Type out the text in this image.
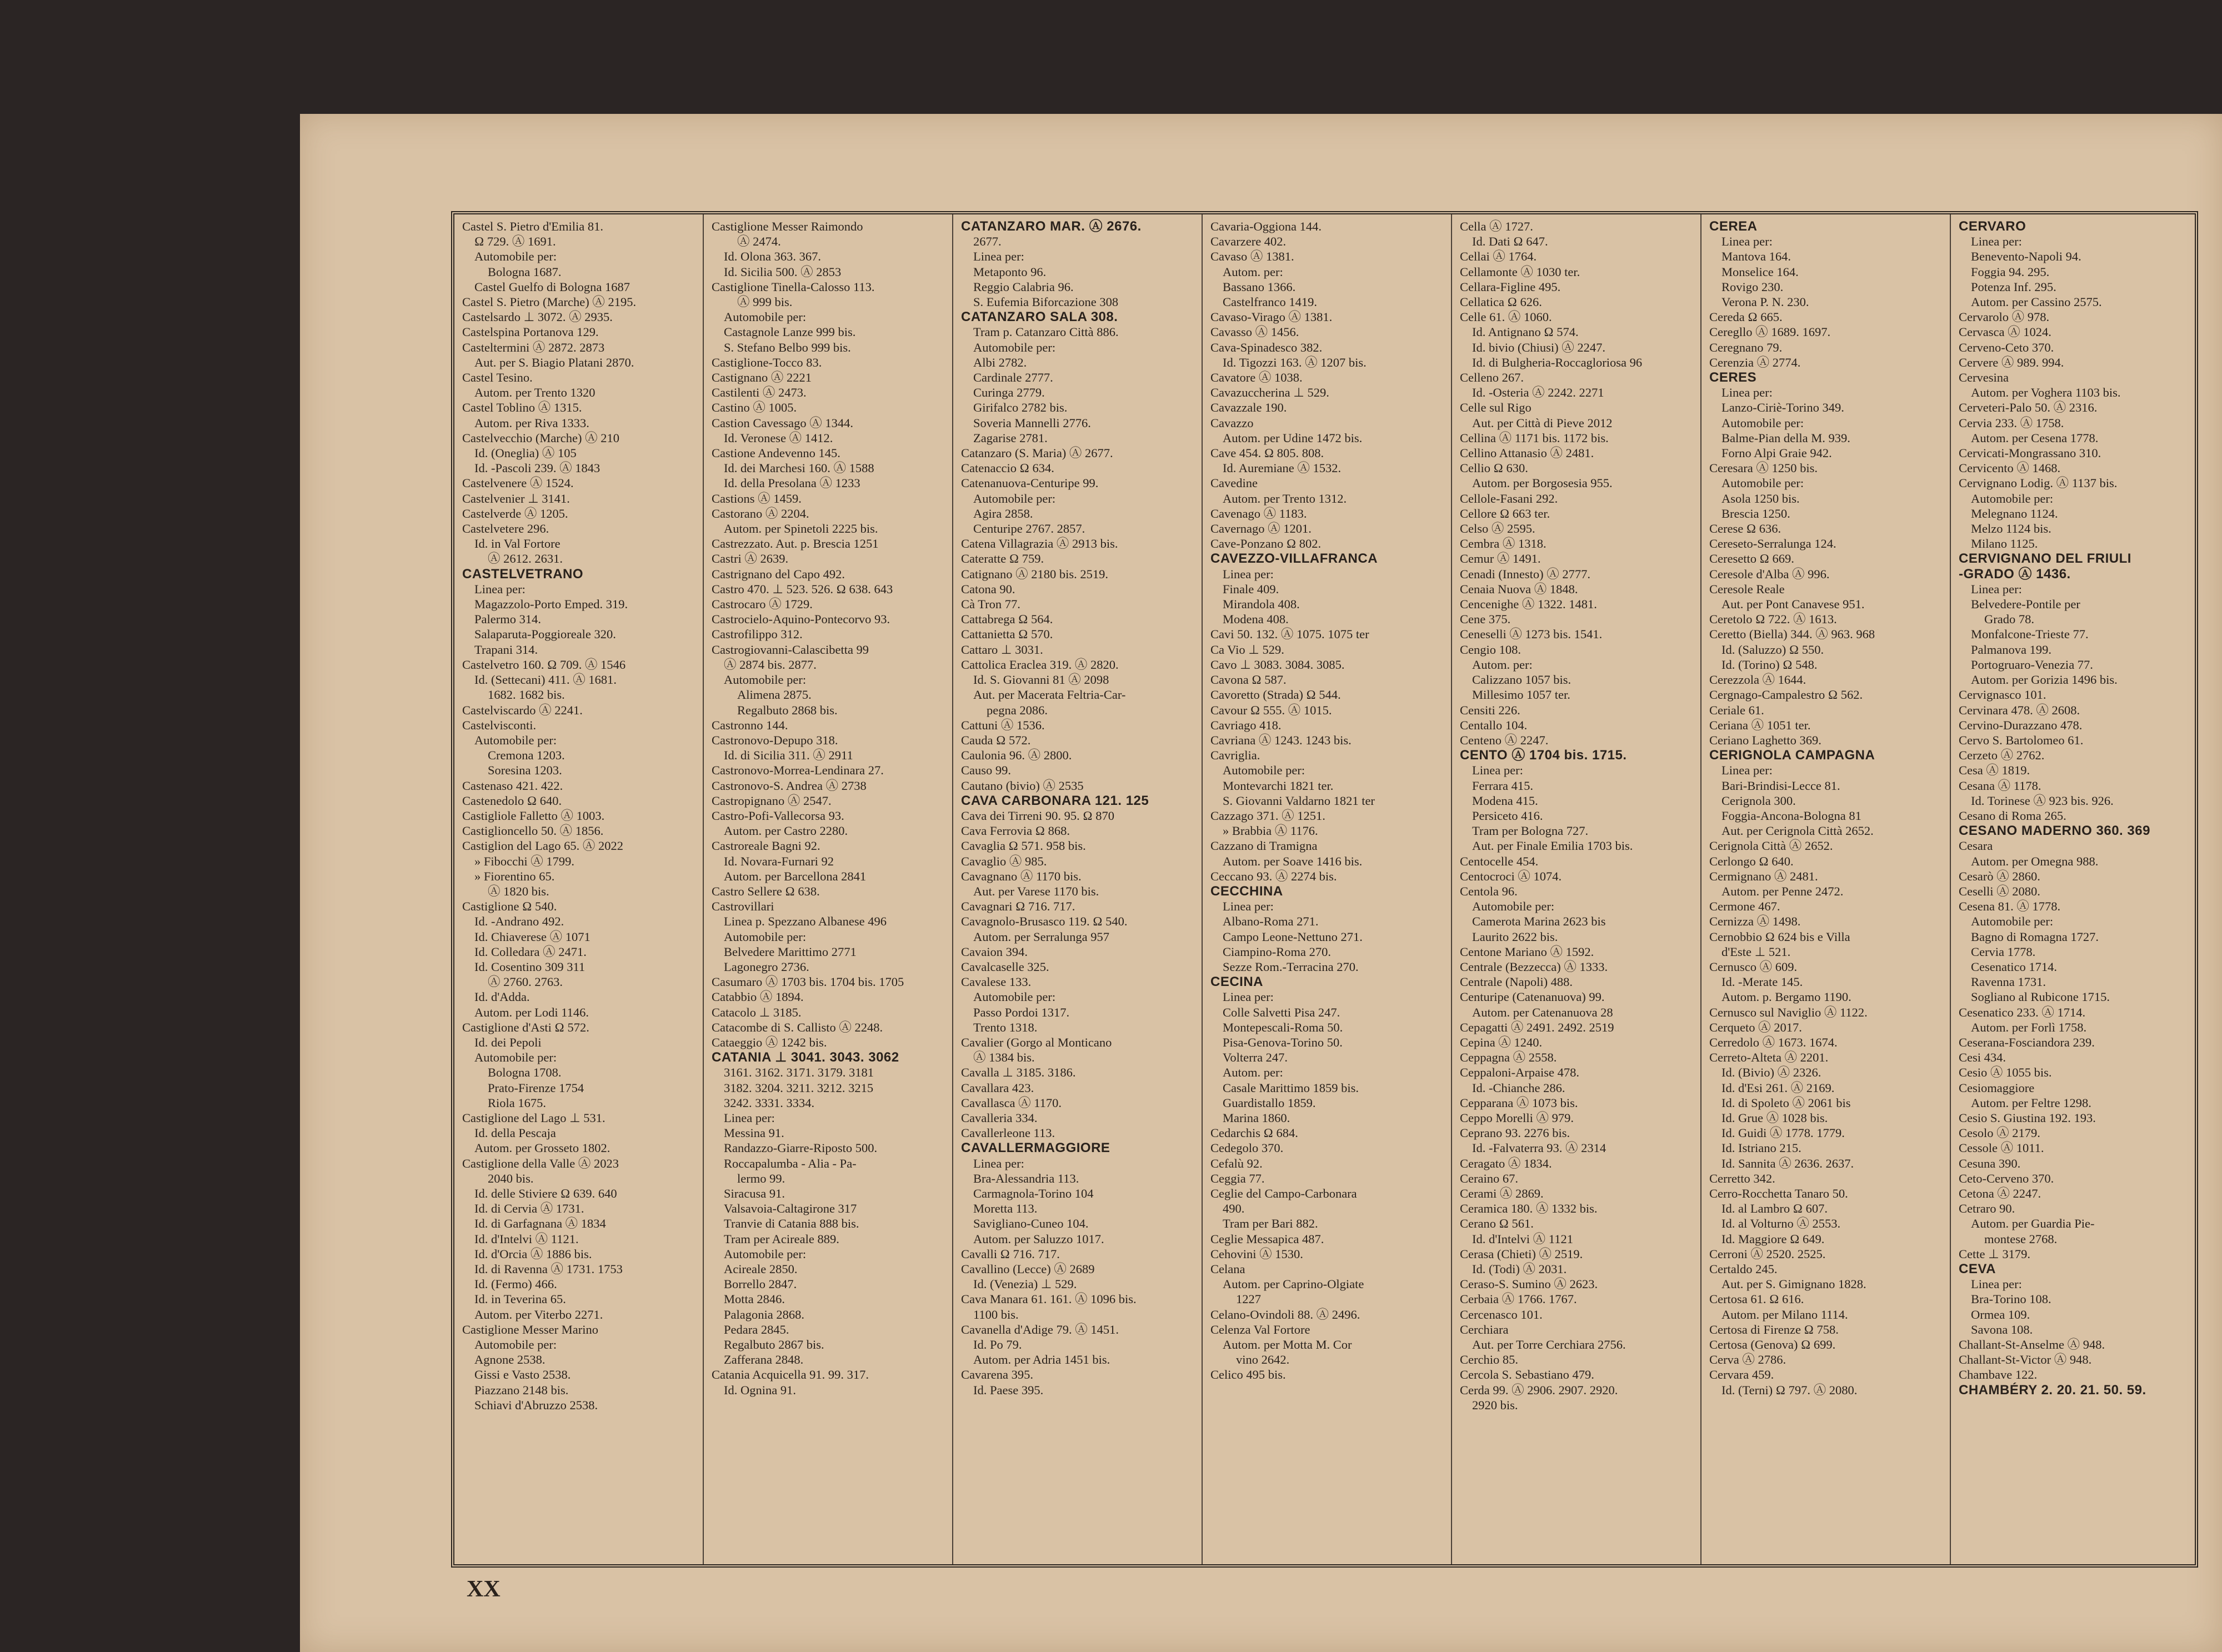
Castel S. Pietro d'Emilia 81.
Ω 729. Ⓐ 1691.
Automobile per:
Bologna 1687.
Castel Guelfo di Bologna 1687
Castel S. Pietro (Marche) Ⓐ 2195.
Castelsardo ⊥ 3072. Ⓐ 2935.
Castelspina Portanova 129.
Casteltermini Ⓐ 2872. 2873
Aut. per S. Biagio Platani 2870.
Castel Tesino.
Autom. per Trento 1320
Castel Toblino Ⓐ 1315.
Autom. per Riva 1333.
Castelvecchio (Marche) Ⓐ 210
Id. (Oneglia) Ⓐ 105
Id. -Pascoli 239. Ⓐ 1843
Castelvenere Ⓐ 1524.
Castelvenier ⊥ 3141.
Castelverde Ⓐ 1205.
Castelvetere 296.
Id. in Val Fortore
Ⓐ 2612. 2631.
CASTELVETRANO
Linea per:
Magazzolo-Porto Emped. 319.
Palermo 314.
Salaparuta-Poggioreale 320.
Trapani 314.
Castelvetro 160. Ω 709. Ⓐ 1546
Id. (Settecani) 411. Ⓐ 1681.
1682. 1682 bis.
Castelviscardo Ⓐ 2241.
Castelvisconti.
Automobile per:
Cremona 1203.
Soresina 1203.
Castenaso 421. 422.
Castenedolo Ω 640.
Castigliole Falletto Ⓐ 1003.
Castiglioncello 50. Ⓐ 1856.
Castiglion del Lago 65. Ⓐ 2022
» Fibocchi Ⓐ 1799.
» Fiorentino 65.
Ⓐ 1820 bis.
Castiglione Ω 540.
Id. -Andrano 492.
Id. Chiaverese Ⓐ 1071
Id. Colledara Ⓐ 2471.
Id. Cosentino 309 311
Ⓐ 2760. 2763.
Id. d'Adda.
Autom. per Lodi 1146.
Castiglione d'Asti Ω 572.
Id. dei Pepoli
Automobile per:
Bologna 1708.
Prato-Firenze 1754
Riola 1675.
Castiglione del Lago ⊥ 531.
Id. della Pescaja
Autom. per Grosseto 1802.
Castiglione della Valle Ⓐ 2023
2040 bis.
Id. delle Stiviere Ω 639. 640
Id. di Cervia Ⓐ 1731.
Id. di Garfagnana Ⓐ 1834
Id. d'Intelvi Ⓐ 1121.
Id. d'Orcia Ⓐ 1886 bis.
Id. di Ravenna Ⓐ 1731. 1753
Id. (Fermo) 466.
Id. in Teverina 65.
Autom. per Viterbo 2271.
Castiglione Messer Marino
Automobile per:
Agnone 2538.
Gissi e Vasto 2538.
Piazzano 2148 bis.
Schiavi d'Abruzzo 2538.
Castiglione Messer Raimondo
Ⓐ 2474.
Id. Olona 363. 367.
Id. Sicilia 500. Ⓐ 2853
Castiglione Tinella-Calosso 113.
Ⓐ 999 bis.
Automobile per:
Castagnole Lanze 999 bis.
S. Stefano Belbo 999 bis.
Castiglione-Tocco 83.
Castignano Ⓐ 2221
Castilenti Ⓐ 2473.
Castino Ⓐ 1005.
Castion Cavessago Ⓐ 1344.
Id. Veronese Ⓐ 1412.
Castione Andevenno 145.
Id. dei Marchesi 160. Ⓐ 1588
Id. della Presolana Ⓐ 1233
Castions Ⓐ 1459.
Castorano Ⓐ 2204.
Autom. per Spinetoli 2225 bis.
Castrezzato. Aut. p. Brescia 1251
Castri Ⓐ 2639.
Castrignano del Capo 492.
Castro 470. ⊥ 523. 526. Ω 638. 643
Castrocaro Ⓐ 1729.
Castrocielo-Aquino-Pontecorvo 93.
Castrofilippo 312.
Castrogiovanni-Calascibetta 99
Ⓐ 2874 bis. 2877.
Automobile per:
Alimena 2875.
Regalbuto 2868 bis.
Castronno 144.
Castronovo-Depupo 318.
Id. di Sicilia 311. Ⓐ 2911
Castronovo-Morrea-Lendinara 27.
Castronovo-S. Andrea Ⓐ 2738
Castropignano Ⓐ 2547.
Castro-Pofi-Vallecorsa 93.
Autom. per Castro 2280.
Castroreale Bagni 92.
Id. Novara-Furnari 92
Autom. per Barcellona 2841
Castro Sellere Ω 638.
Castrovillari
Linea p. Spezzano Albanese 496
Automobile per:
Belvedere Marittimo 2771
Lagonegro 2736.
Casumaro Ⓐ 1703 bis. 1704 bis. 1705
Catabbio Ⓐ 1894.
Catacolo ⊥ 3185.
Catacombe di S. Callisto Ⓐ 2248.
Cataeggio Ⓐ 1242 bis.
CATANIA ⊥ 3041. 3043. 3062
3161. 3162. 3171. 3179. 3181
3182. 3204. 3211. 3212. 3215
3242. 3331. 3334.
Linea per:
Messina 91.
Randazzo-Giarre-Riposto 500.
Roccapalumba - Alia - Pa-
lermo 99.
Siracusa 91.
Valsavoia-Caltagirone 317
Tranvie di Catania 888 bis.
Tram per Acireale 889.
Automobile per:
Acireale 2850.
Borrello 2847.
Motta 2846.
Palagonia 2868.
Pedara 2845.
Regalbuto 2867 bis.
Zafferana 2848.
Catania Acquicella 91. 99. 317.
Id. Ognina 91.
CATANZARO MAR. Ⓐ 2676.
2677.
Linea per:
Metaponto 96.
Reggio Calabria 96.
S. Eufemia Biforcazione 308
CATANZARO SALA 308.
Tram p. Catanzaro Città 886.
Automobile per:
Albi 2782.
Cardinale 2777.
Curinga 2779.
Girifalco 2782 bis.
Soveria Mannelli 2776.
Zagarise 2781.
Catanzaro (S. Maria) Ⓐ 2677.
Catenaccio Ω 634.
Catenanuova-Centuripe 99.
Automobile per:
Agira 2858.
Centuripe 2767. 2857.
Catena Villagrazia Ⓐ 2913 bis.
Cateratte Ω 759.
Catignano Ⓐ 2180 bis. 2519.
Catona 90.
Cà Tron 77.
Cattabrega Ω 564.
Cattanietta Ω 570.
Cattaro ⊥ 3031.
Cattolica Eraclea 319. Ⓐ 2820.
Id. S. Giovanni 81 Ⓐ 2098
Aut. per Macerata Feltria-Car-
pegna 2086.
Cattuni Ⓐ 1536.
Cauda Ω 572.
Caulonia 96. Ⓐ 2800.
Causo 99.
Cautano (bivio) Ⓐ 2535
CAVA CARBONARA 121. 125
Cava dei Tirreni 90. 95. Ω 870
Cava Ferrovia Ω 868.
Cavaglia Ω 571. 958 bis.
Cavaglio Ⓐ 985.
Cavagnano Ⓐ 1170 bis.
Aut. per Varese 1170 bis.
Cavagnari Ω 716. 717.
Cavagnolo-Brusasco 119. Ω 540.
Autom. per Serralunga 957
Cavaion 394.
Cavalcaselle 325.
Cavalese 133.
Automobile per:
Passo Pordoi 1317.
Trento 1318.
Cavalier (Gorgo al Monticano
Ⓐ 1384 bis.
Cavalla ⊥ 3185. 3186.
Cavallara 423.
Cavallasca Ⓐ 1170.
Cavalleria 334.
Cavallerleone 113.
CAVALLERMAGGIORE
Linea per:
Bra-Alessandria 113.
Carmagnola-Torino 104
Moretta 113.
Savigliano-Cuneo 104.
Autom. per Saluzzo 1017.
Cavalli Ω 716. 717.
Cavallino (Lecce) Ⓐ 2689
Id. (Venezia) ⊥ 529.
Cava Manara 61. 161. Ⓐ 1096 bis.
1100 bis.
Cavanella d'Adige 79. Ⓐ 1451.
Id. Po 79.
Autom. per Adria 1451 bis.
Cavarena 395.
Id. Paese 395.
Cavaria-Oggiona 144.
Cavarzere 402.
Cavaso Ⓐ 1381.
Autom. per:
Bassano 1366.
Castelfranco 1419.
Cavaso-Virago Ⓐ 1381.
Cavasso Ⓐ 1456.
Cava-Spinadesco 382.
Id. Tigozzi 163. Ⓐ 1207 bis.
Cavatore Ⓐ 1038.
Cavazuccherina ⊥ 529.
Cavazzale 190.
Cavazzo
Autom. per Udine 1472 bis.
Cave 454. Ω 805. 808.
Id. Auremiane Ⓐ 1532.
Cavedine
Autom. per Trento 1312.
Cavenago Ⓐ 1183.
Cavernago Ⓐ 1201.
Cave-Ponzano Ω 802.
CAVEZZO-VILLAFRANCA
Linea per:
Finale 409.
Mirandola 408.
Modena 408.
Cavi 50. 132. Ⓐ 1075. 1075 ter
Ca Vio ⊥ 529.
Cavo ⊥ 3083. 3084. 3085.
Cavona Ω 587.
Cavoretto (Strada) Ω 544.
Cavour Ω 555. Ⓐ 1015.
Cavriago 418.
Cavriana Ⓐ 1243. 1243 bis.
Cavriglia.
Automobile per:
Montevarchi 1821 ter.
S. Giovanni Valdarno 1821 ter
Cazzago 371. Ⓐ 1251.
» Brabbia Ⓐ 1176.
Cazzano di Tramigna
Autom. per Soave 1416 bis.
Ceccano 93. Ⓐ 2274 bis.
CECCHINA
Linea per:
Albano-Roma 271.
Campo Leone-Nettuno 271.
Ciampino-Roma 270.
Sezze Rom.-Terracina 270.
CECINA
Linea per:
Colle Salvetti Pisa 247.
Montepescali-Roma 50.
Pisa-Genova-Torino 50.
Volterra 247.
Autom. per:
Casale Marittimo 1859 bis.
Guardistallo 1859.
Marina 1860.
Cedarchis Ω 684.
Cedegolo 370.
Cefalù 92.
Ceggia 77.
Ceglie del Campo-Carbonara
490.
Tram per Bari 882.
Ceglie Messapica 487.
Cehovini Ⓐ 1530.
Celana
Autom. per Caprino-Olgiate
1227
Celano-Ovindoli 88. Ⓐ 2496.
Celenza Val Fortore
Autom. per Motta M. Cor
vino 2642.
Celico 495 bis.
Cella Ⓐ 1727.
Id. Dati Ω 647.
Cellai Ⓐ 1764.
Cellamonte Ⓐ 1030 ter.
Cellara-Figline 495.
Cellatica Ω 626.
Celle 61. Ⓐ 1060.
Id. Antignano Ω 574.
Id. bivio (Chiusi) Ⓐ 2247.
Id. di Bulgheria-Roccagloriosa 96
Celleno 267.
Id. -Osteria Ⓐ 2242. 2271
Celle sul Rigo
Aut. per Città di Pieve 2012
Cellina Ⓐ 1171 bis. 1172 bis.
Cellino Attanasio Ⓐ 2481.
Cellio Ω 630.
Autom. per Borgosesia 955.
Cellole-Fasani 292.
Cellore Ω 663 ter.
Celso Ⓐ 2595.
Cembra Ⓐ 1318.
Cemur Ⓐ 1491.
Cenadi (Innesto) Ⓐ 2777.
Cenaia Nuova Ⓐ 1848.
Cencenighe Ⓐ 1322. 1481.
Cene 375.
Ceneselli Ⓐ 1273 bis. 1541.
Cengio 108.
Autom. per:
Calizzano 1057 bis.
Millesimo 1057 ter.
Censiti 226.
Centallo 104.
Centeno Ⓐ 2247.
CENTO Ⓐ 1704 bis. 1715.
Linea per:
Ferrara 415.
Modena 415.
Persiceto 416.
Tram per Bologna 727.
Aut. per Finale Emilia 1703 bis.
Centocelle 454.
Centocroci Ⓐ 1074.
Centola 96.
Automobile per:
Camerota Marina 2623 bis
Laurito 2622 bis.
Centone Mariano Ⓐ 1592.
Centrale (Bezzecca) Ⓐ 1333.
Centrale (Napoli) 488.
Centuripe (Catenanuova) 99.
Autom. per Catenanuova 28
Cepagatti Ⓐ 2491. 2492. 2519
Cepina Ⓐ 1240.
Ceppagna Ⓐ 2558.
Ceppaloni-Arpaise 478.
Id. -Chianche 286.
Cepparana Ⓐ 1073 bis.
Ceppo Morelli Ⓐ 979.
Ceprano 93. 2276 bis.
Id. -Falvaterra 93. Ⓐ 2314
Ceragato Ⓐ 1834.
Ceraino 67.
Cerami Ⓐ 2869.
Ceramica 180. Ⓐ 1332 bis.
Cerano Ω 561.
Id. d'Intelvi Ⓐ 1121
Cerasa (Chieti) Ⓐ 2519.
Id. (Todi) Ⓐ 2031.
Ceraso-S. Sumino Ⓐ 2623.
Cerbaia Ⓐ 1766. 1767.
Cercenasco 101.
Cerchiara
Aut. per Torre Cerchiara 2756.
Cerchio 85.
Cercola S. Sebastiano 479.
Cerda 99. Ⓐ 2906. 2907. 2920.
2920 bis.
CEREA
Linea per:
Mantova 164.
Monselice 164.
Rovigo 230.
Verona P. N. 230.
Cereda Ω 665.
Ceregllo Ⓐ 1689. 1697.
Ceregnano 79.
Cerenzia Ⓐ 2774.
CERES
Linea per:
Lanzo-Ciriè-Torino 349.
Automobile per:
Balme-Pian della M. 939.
Forno Alpi Graie 942.
Ceresara Ⓐ 1250 bis.
Automobile per:
Asola 1250 bis.
Brescia 1250.
Cerese Ω 636.
Cereseto-Serralunga 124.
Ceresetto Ω 669.
Ceresole d'Alba Ⓐ 996.
Ceresole Reale
Aut. per Pont Canavese 951.
Ceretolo Ω 722. Ⓐ 1613.
Ceretto (Biella) 344. Ⓐ 963. 968
Id. (Saluzzo) Ω 550.
Id. (Torino) Ω 548.
Cerezzola Ⓐ 1644.
Cergnago-Campalestro Ω 562.
Ceriale 61.
Ceriana Ⓐ 1051 ter.
Ceriano Laghetto 369.
CERIGNOLA CAMPAGNA
Linea per:
Bari-Brindisi-Lecce 81.
Cerignola 300.
Foggia-Ancona-Bologna 81
Aut. per Cerignola Città 2652.
Cerignola Città Ⓐ 2652.
Cerlongo Ω 640.
Cermignano Ⓐ 2481.
Autom. per Penne 2472.
Cermone 467.
Cernizza Ⓐ 1498.
Cernobbio Ω 624 bis e Villa
d'Este ⊥ 521.
Cernusco Ⓐ 609.
Id. -Merate 145.
Autom. p. Bergamo 1190.
Cernusco sul Naviglio Ⓐ 1122.
Cerqueto Ⓐ 2017.
Cerredolo Ⓐ 1673. 1674.
Cerreto-Alteta Ⓐ 2201.
Id. (Bivio) Ⓐ 2326.
Id. d'Esi 261. Ⓐ 2169.
Id. di Spoleto Ⓐ 2061 bis
Id. Grue Ⓐ 1028 bis.
Id. Guidi Ⓐ 1778. 1779.
Id. Istriano 215.
Id. Sannita Ⓐ 2636. 2637.
Cerretto 342.
Cerro-Rocchetta Tanaro 50.
Id. al Lambro Ω 607.
Id. al Volturno Ⓐ 2553.
Id. Maggiore Ω 649.
Cerroni Ⓐ 2520. 2525.
Certaldo 245.
Aut. per S. Gimignano 1828.
Certosa 61. Ω 616.
Autom. per Milano 1114.
Certosa di Firenze Ω 758.
Certosa (Genova) Ω 699.
Cerva Ⓐ 2786.
Cervara 459.
Id. (Terni) Ω 797. Ⓐ 2080.
CERVARO
Linea per:
Benevento-Napoli 94.
Foggia 94. 295.
Potenza Inf. 295.
Autom. per Cassino 2575.
Cervarolo Ⓐ 978.
Cervasca Ⓐ 1024.
Cerveno-Ceto 370.
Cervere Ⓐ 989. 994.
Cervesina
Autom. per Voghera 1103 bis.
Cerveteri-Palo 50. Ⓐ 2316.
Cervia 233. Ⓐ 1758.
Autom. per Cesena 1778.
Cervicati-Mongrassano 310.
Cervicento Ⓐ 1468.
Cervignano Lodig. Ⓐ 1137 bis.
Automobile per:
Melegnano 1124.
Melzo 1124 bis.
Milano 1125.
CERVIGNANO DEL FRIULI
-GRADO Ⓐ 1436.
Linea per:
Belvedere-Pontile per
Grado 78.
Monfalcone-Trieste 77.
Palmanova 199.
Portogruaro-Venezia 77.
Autom. per Gorizia 1496 bis.
Cervignasco 101.
Cervinara 478. Ⓐ 2608.
Cervino-Durazzano 478.
Cervo S. Bartolomeo 61.
Cerzeto Ⓐ 2762.
Cesa Ⓐ 1819.
Cesana Ⓐ 1178.
Id. Torinese Ⓐ 923 bis. 926.
Cesano di Roma 265.
CESANO MADERNO 360. 369
Cesara
Autom. per Omegna 988.
Cesarò Ⓐ 2860.
Ceselli Ⓐ 2080.
Cesena 81. Ⓐ 1778.
Automobile per:
Bagno di Romagna 1727.
Cervia 1778.
Cesenatico 1714.
Ravenna 1731.
Sogliano al Rubicone 1715.
Cesenatico 233. Ⓐ 1714.
Autom. per Forlì 1758.
Ceserana-Fosciandora 239.
Cesi 434.
Cesio Ⓐ 1055 bis.
Cesiomaggiore
Autom. per Feltre 1298.
Cesio S. Giustina 192. 193.
Cesolo Ⓐ 2179.
Cessole Ⓐ 1011.
Cesuna 390.
Ceto-Cerveno 370.
Cetona Ⓐ 2247.
Cetraro 90.
Autom. per Guardia Pie-
montese 2768.
Cette ⊥ 3179.
CEVA
Linea per:
Bra-Torino 108.
Ormea 109.
Savona 108.
Challant-St-Anselme Ⓐ 948.
Challant-St-Victor Ⓐ 948.
Chambave 122.
CHAMBÉRY 2. 20. 21. 50. 59.
XX
